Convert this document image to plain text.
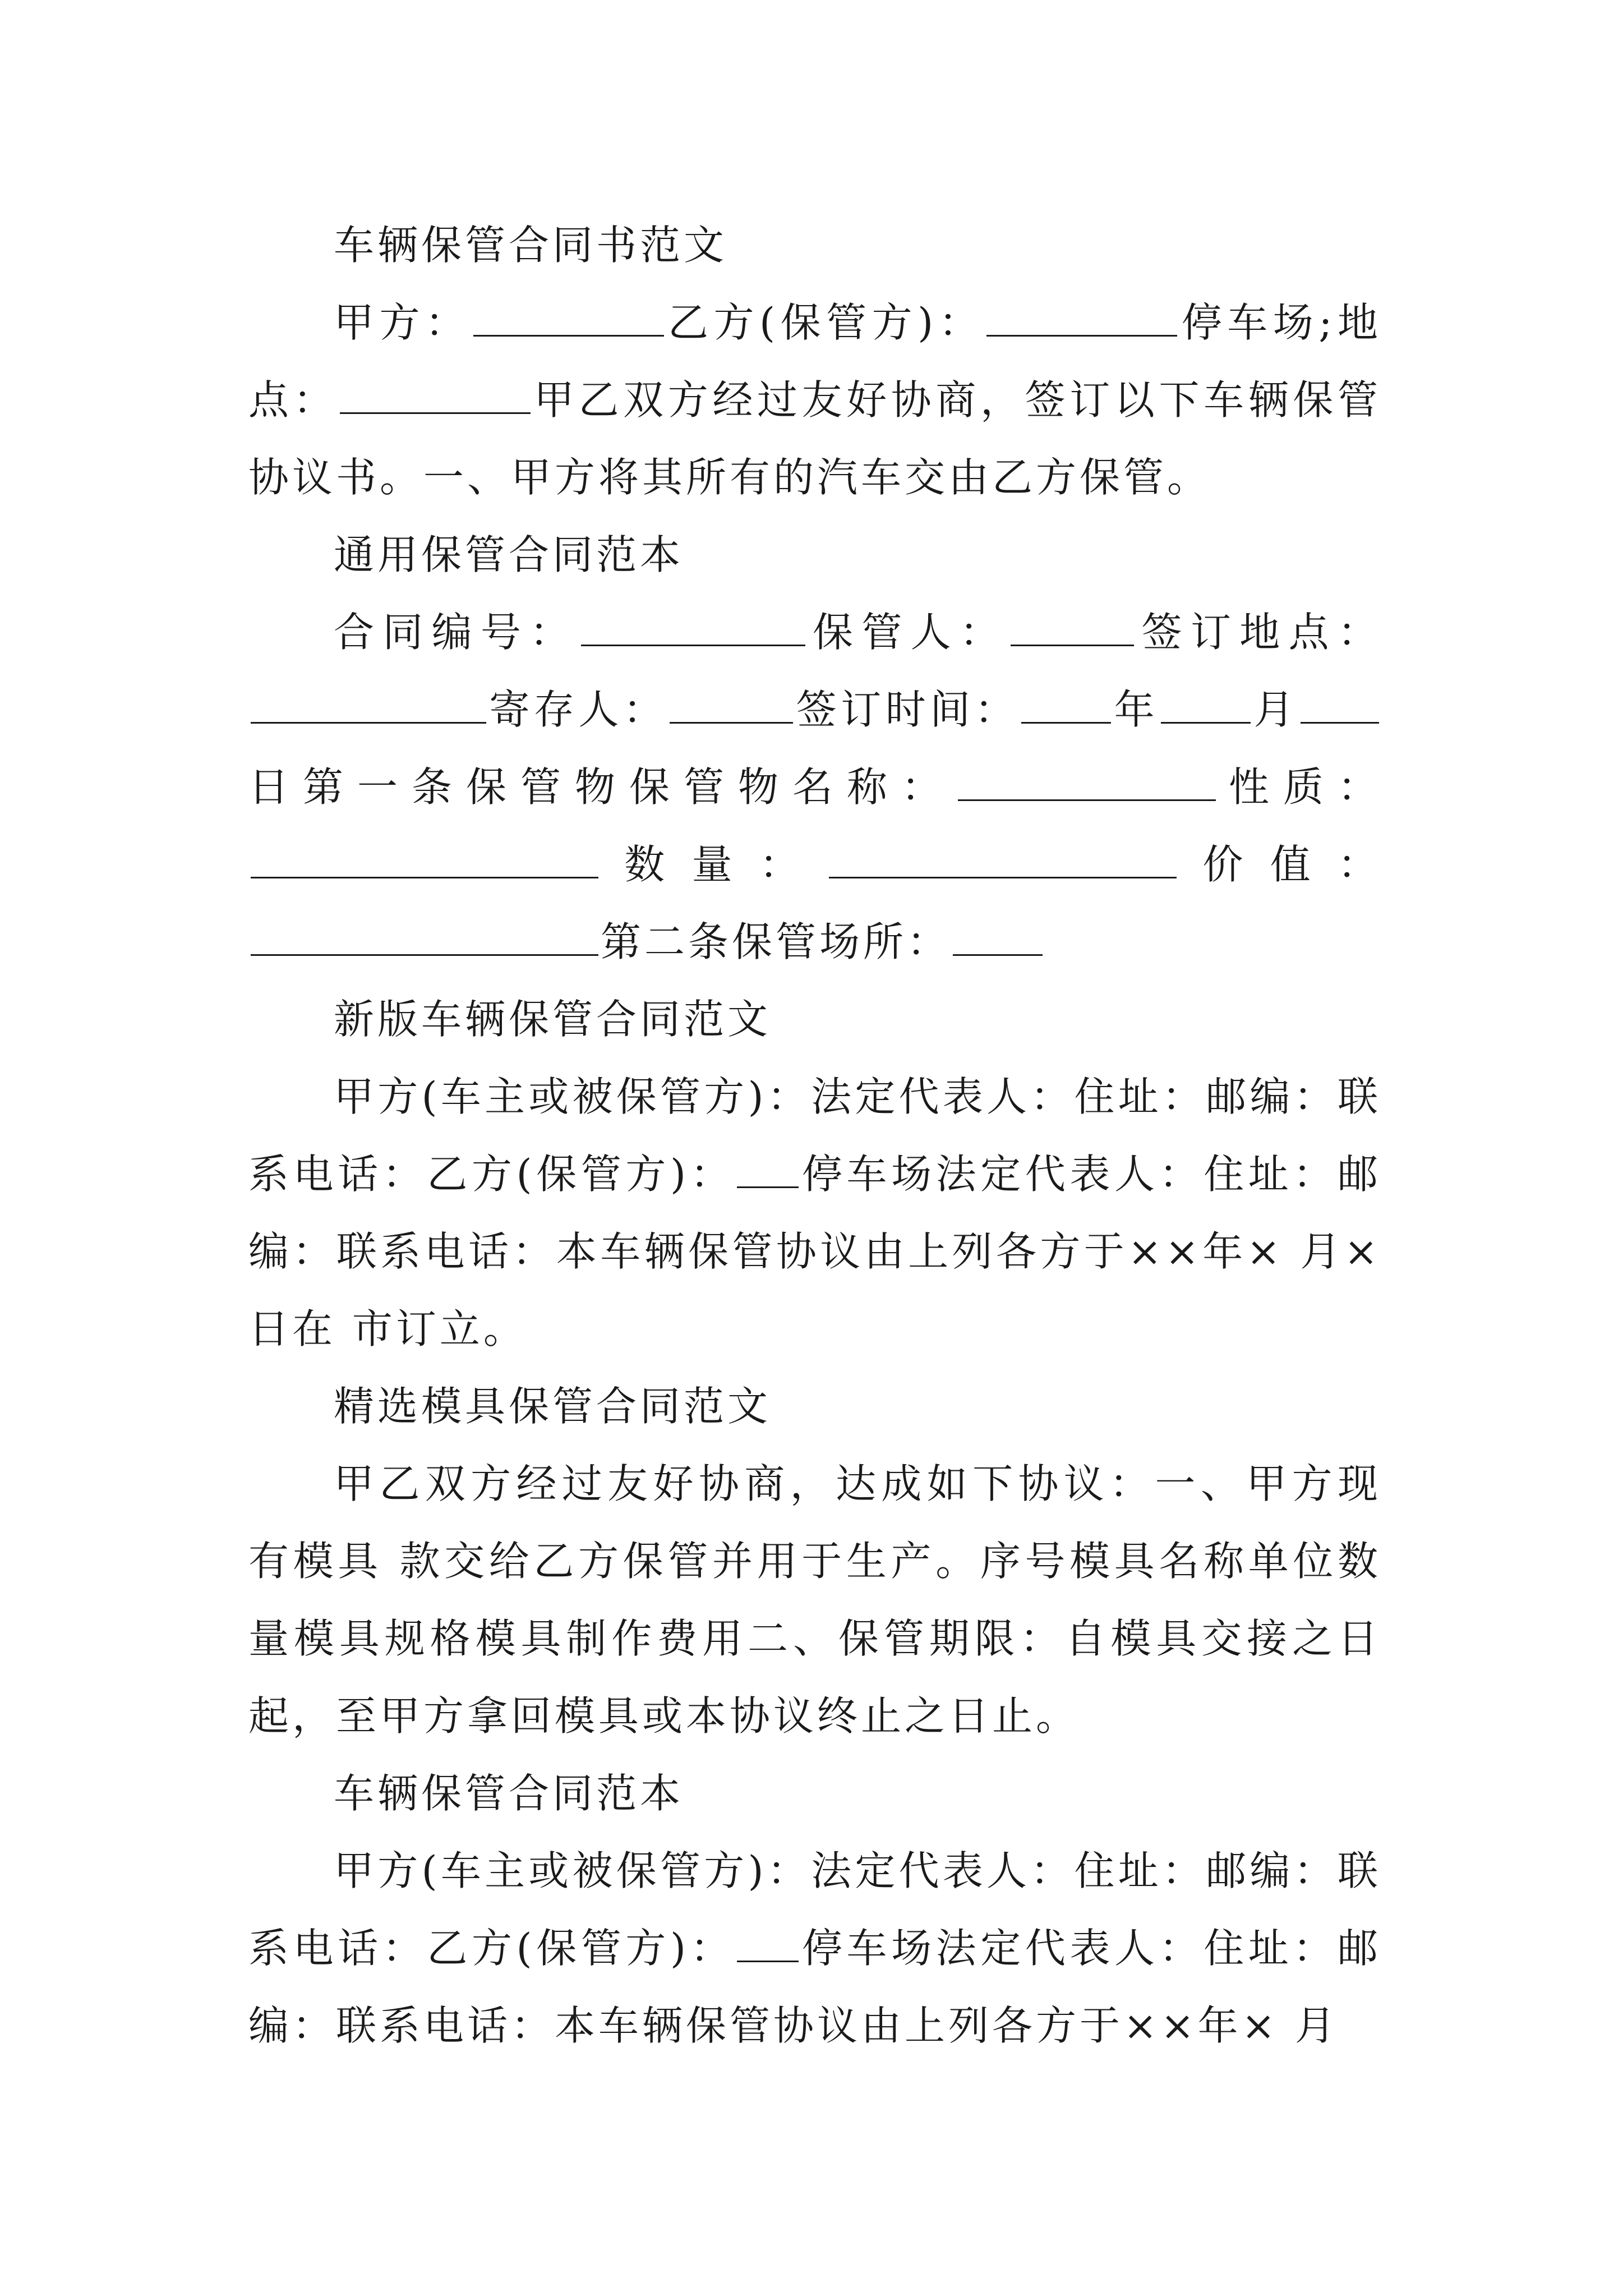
车辆保管合同书范文

甲方：	乙方(保管方)：	停车场;地点：	甲乙双方经过友好协商，签订以下车辆保管协议书。一、甲方将其所有的汽车交由乙方保管。

通用保管合同范本

合同编号：	保管人：	签订地点：寄存人：	签订时间： 年 月日第一条保管物保管物名称：	性质：数量：	价值：第二条保管场所：

新版车辆保管合同范文

甲方(车主或被保管方)：法定代表人：住址：邮编：联系电话：乙方(保管方)： 停车场法定代表人：住址：邮编：联系电话：本车辆保管协议由上列各方于××年× 月× 日在 市订立。

精选模具保管合同范文

甲乙双方经过友好协商，达成如下协议：一、甲方现有模具 款交给乙方保管并用于生产。序号模具名称单位数量模具规格模具制作费用二、保管期限：自模具交接之日起，至甲方拿回模具或本协议终止之日止。

车辆保管合同范本

甲方(车主或被保管方)：法定代表人：住址：邮编：联系电话：乙方(保管方)： 停车场法定代表人：住址：邮编：联系电话：本车辆保管协议由上列各方于××年× 月
